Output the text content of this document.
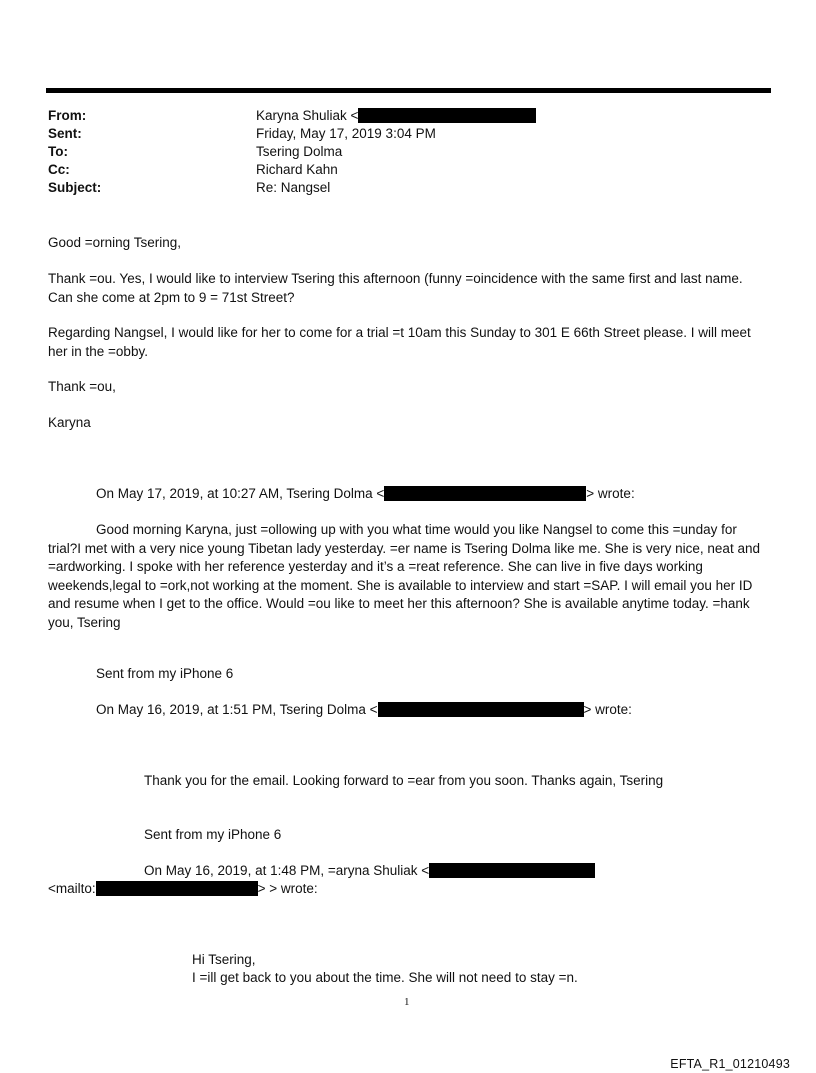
From:	Karyna Shuliak <
Sent:	Friday, May 17, 2019 3:04 PM
To:	Tsering Dolma
Cc:	Richard Kahn
Subject:	Re: Nangsel
Good =orning Tsering,
Thank =ou. Yes, I would like to interview Tsering this afternoon (funny =oincidence with the same first and last name. Can she come at 2pm to 9 = 71st Street?
Regarding Nangsel, I would like for her to come for a trial =t 10am this Sunday to 301 E 66th Street please. I will meet her in the =obby.
Thank =ou,
Karyna
On May 17, 2019, at 10:27 AM, Tsering Dolma <	> wrote:
Good morning Karyna, just =ollowing up with you what time would you like Nangsel to come this =unday for trial?I met with a very nice young Tibetan lady yesterday. =er name is Tsering Dolma like me. She is very nice, neat and =ardworking. I spoke with her reference yesterday and it’s a =reat reference. She can live in five days working weekends,legal to =ork,not working at the moment. She is available to interview and start =SAP. I will email you her ID and resume when I get to the office. Would =ou like to meet her this afternoon? She is available anytime today. =hank you, Tsering
Sent from my iPhone 6
On May 16, 2019, at 1:51 PM, Tsering Dolma <	> wrote:
Thank you for the email. Looking forward to =ear from you soon. Thanks again, Tsering
Sent from my iPhone 6
On May 16, 2019, at 1:48 PM, =aryna Shuliak <
<mailto:	> > wrote:
Hi Tsering,
I =ill get back to you about the time. She will not need to stay =n.
1
EFTA_R1_01210493
